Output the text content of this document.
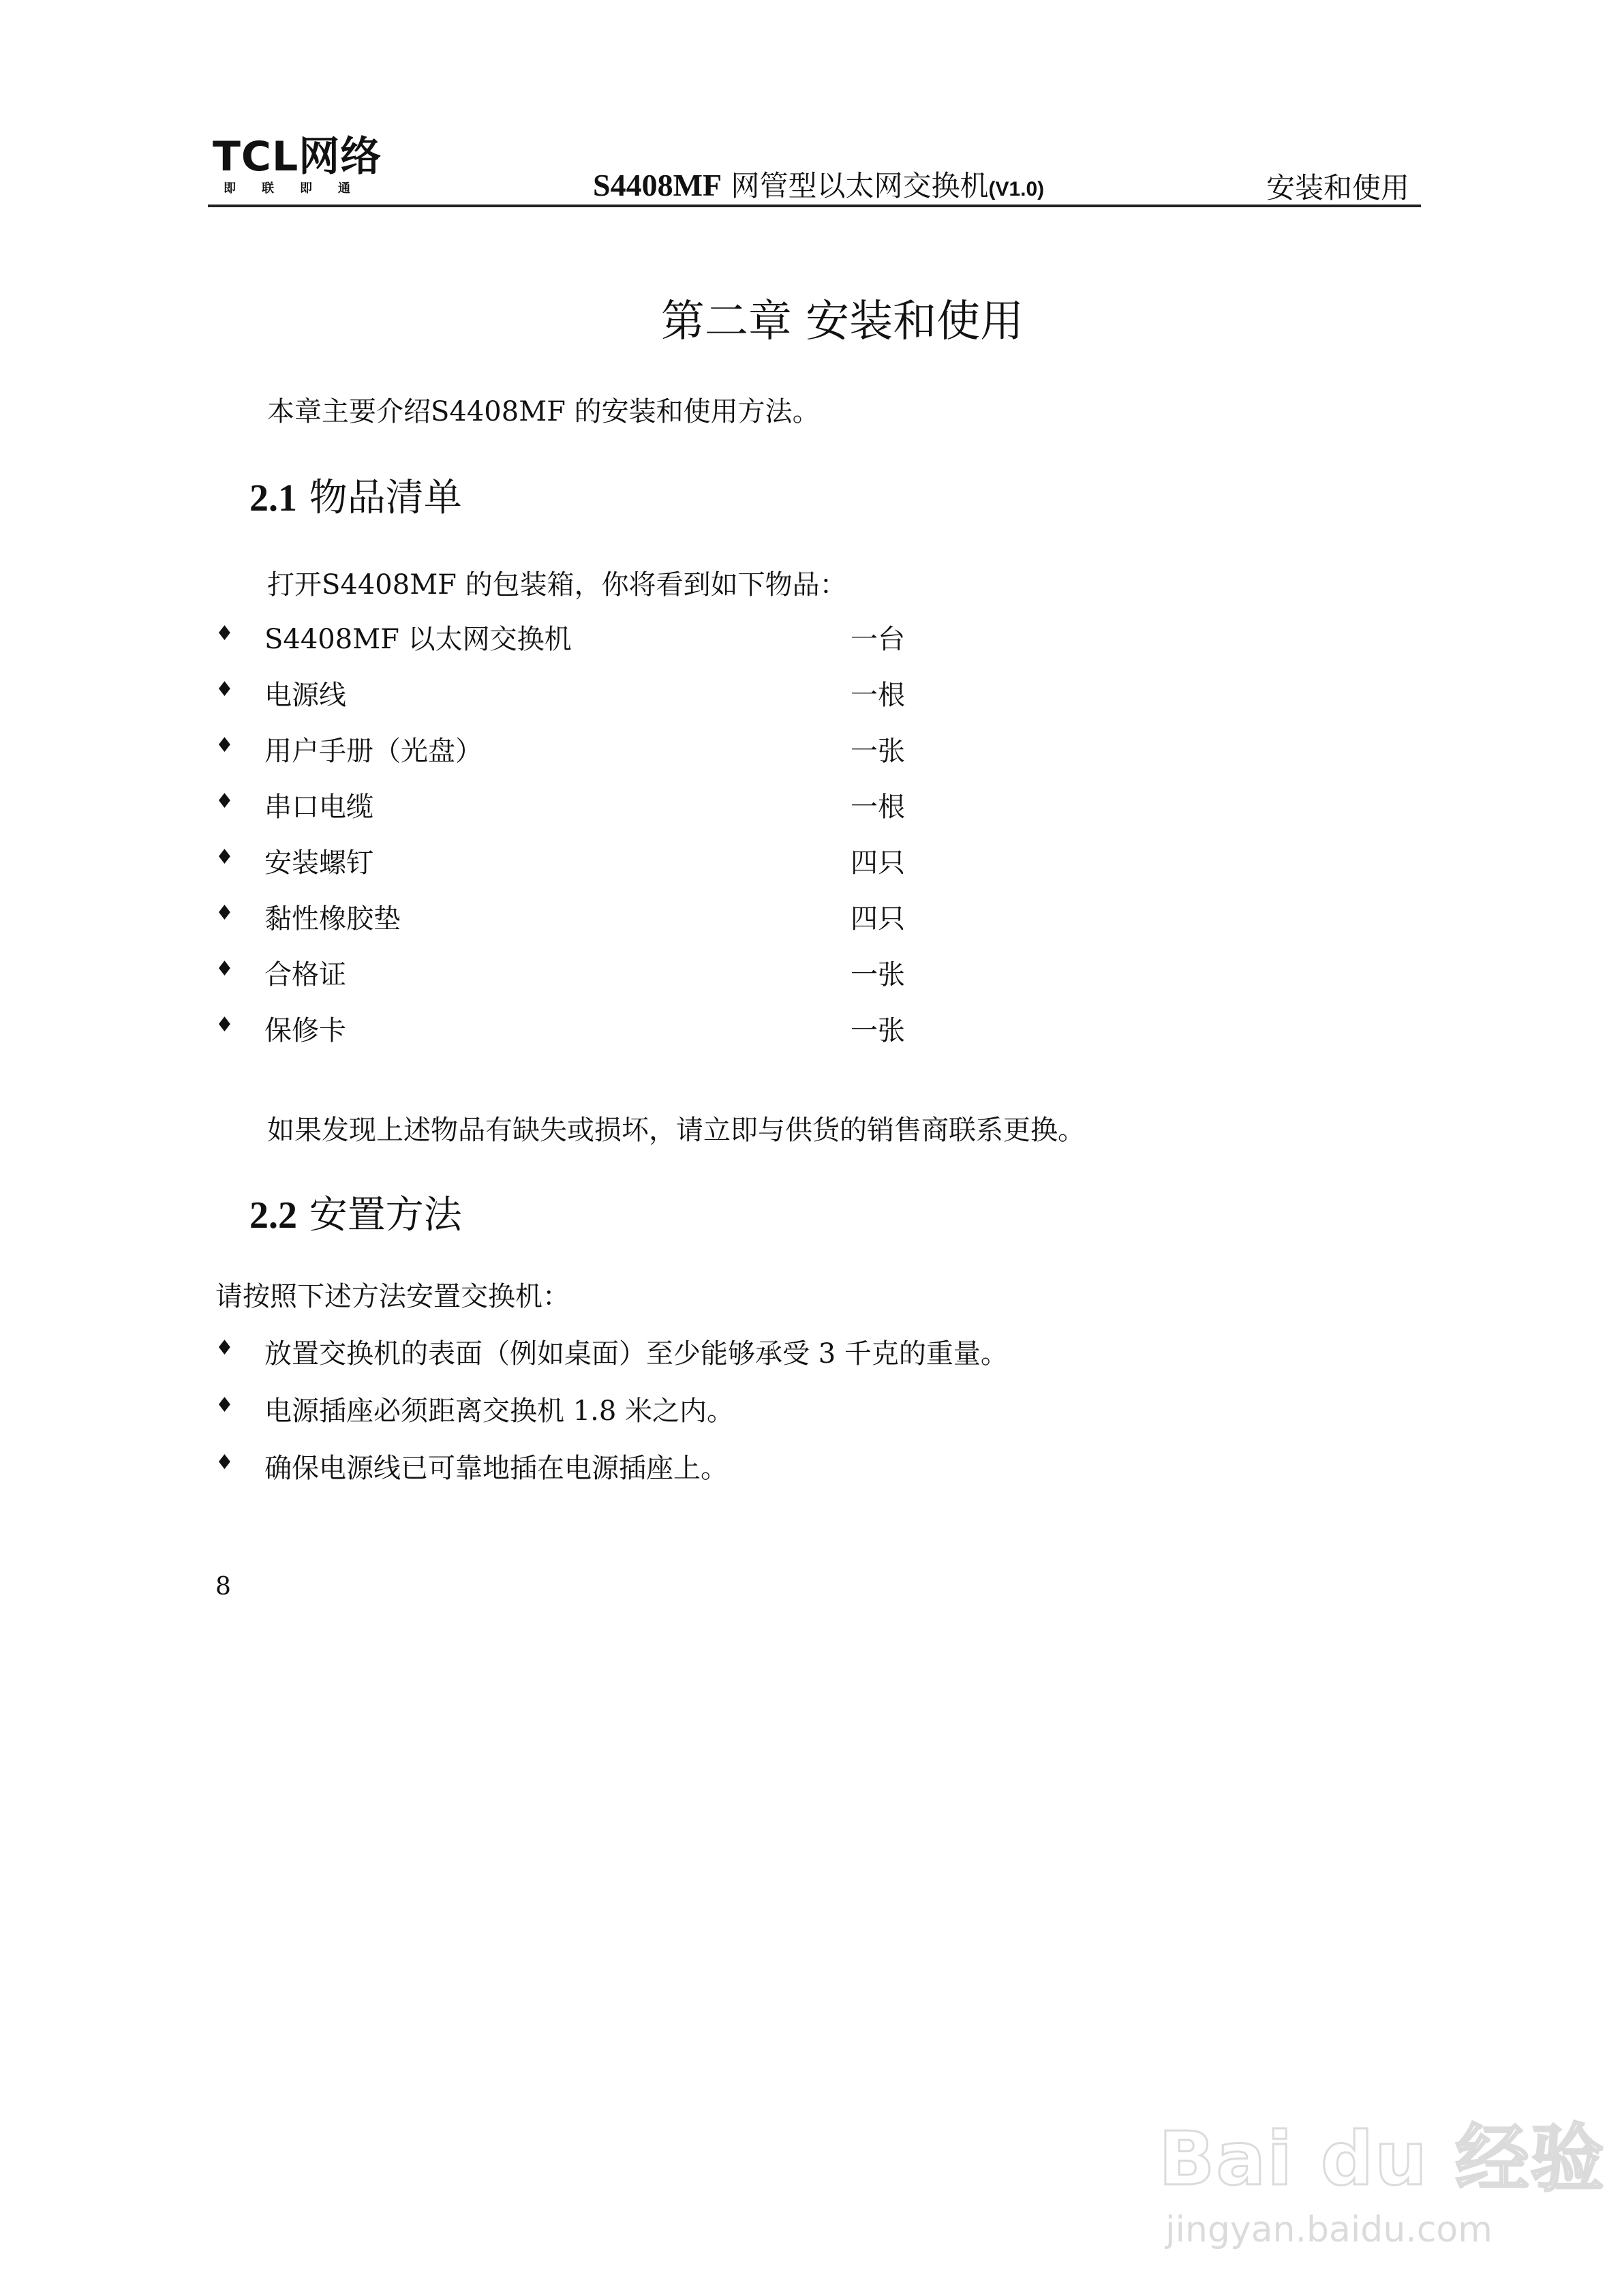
TCL网络
即 联 即 通	S4408MF 网管型以太网交换机(V1.0)	安装和使用
第二章 安装和使用
本章主要介绍S4408MF 的安装和使用方法。
2.1 物品清单
打开S4408MF 的包装箱，你将看到如下物品：
♦ S4408MF 以太网交换机	一台
♦ 电源线	一根
♦ 用户手册（光盘）	一张
♦ 串口电缆	一根
♦ 安装螺钉	四只
♦ 黏性橡胶垫	四只
♦ 合格证	一张
♦ 保修卡	一张
如果发现上述物品有缺失或损坏，请立即与供货的销售商联系更换。
2.2 安置方法
请按照下述方法安置交换机：
♦ 放置交换机的表面（例如桌面）至少能够承受 3 千克的重量。
♦ 电源插座必须距离交换机 1.8 米之内。
♦ 确保电源线已可靠地插在电源插座上。
8
Bai du 经验
jingyan.baidu.com
